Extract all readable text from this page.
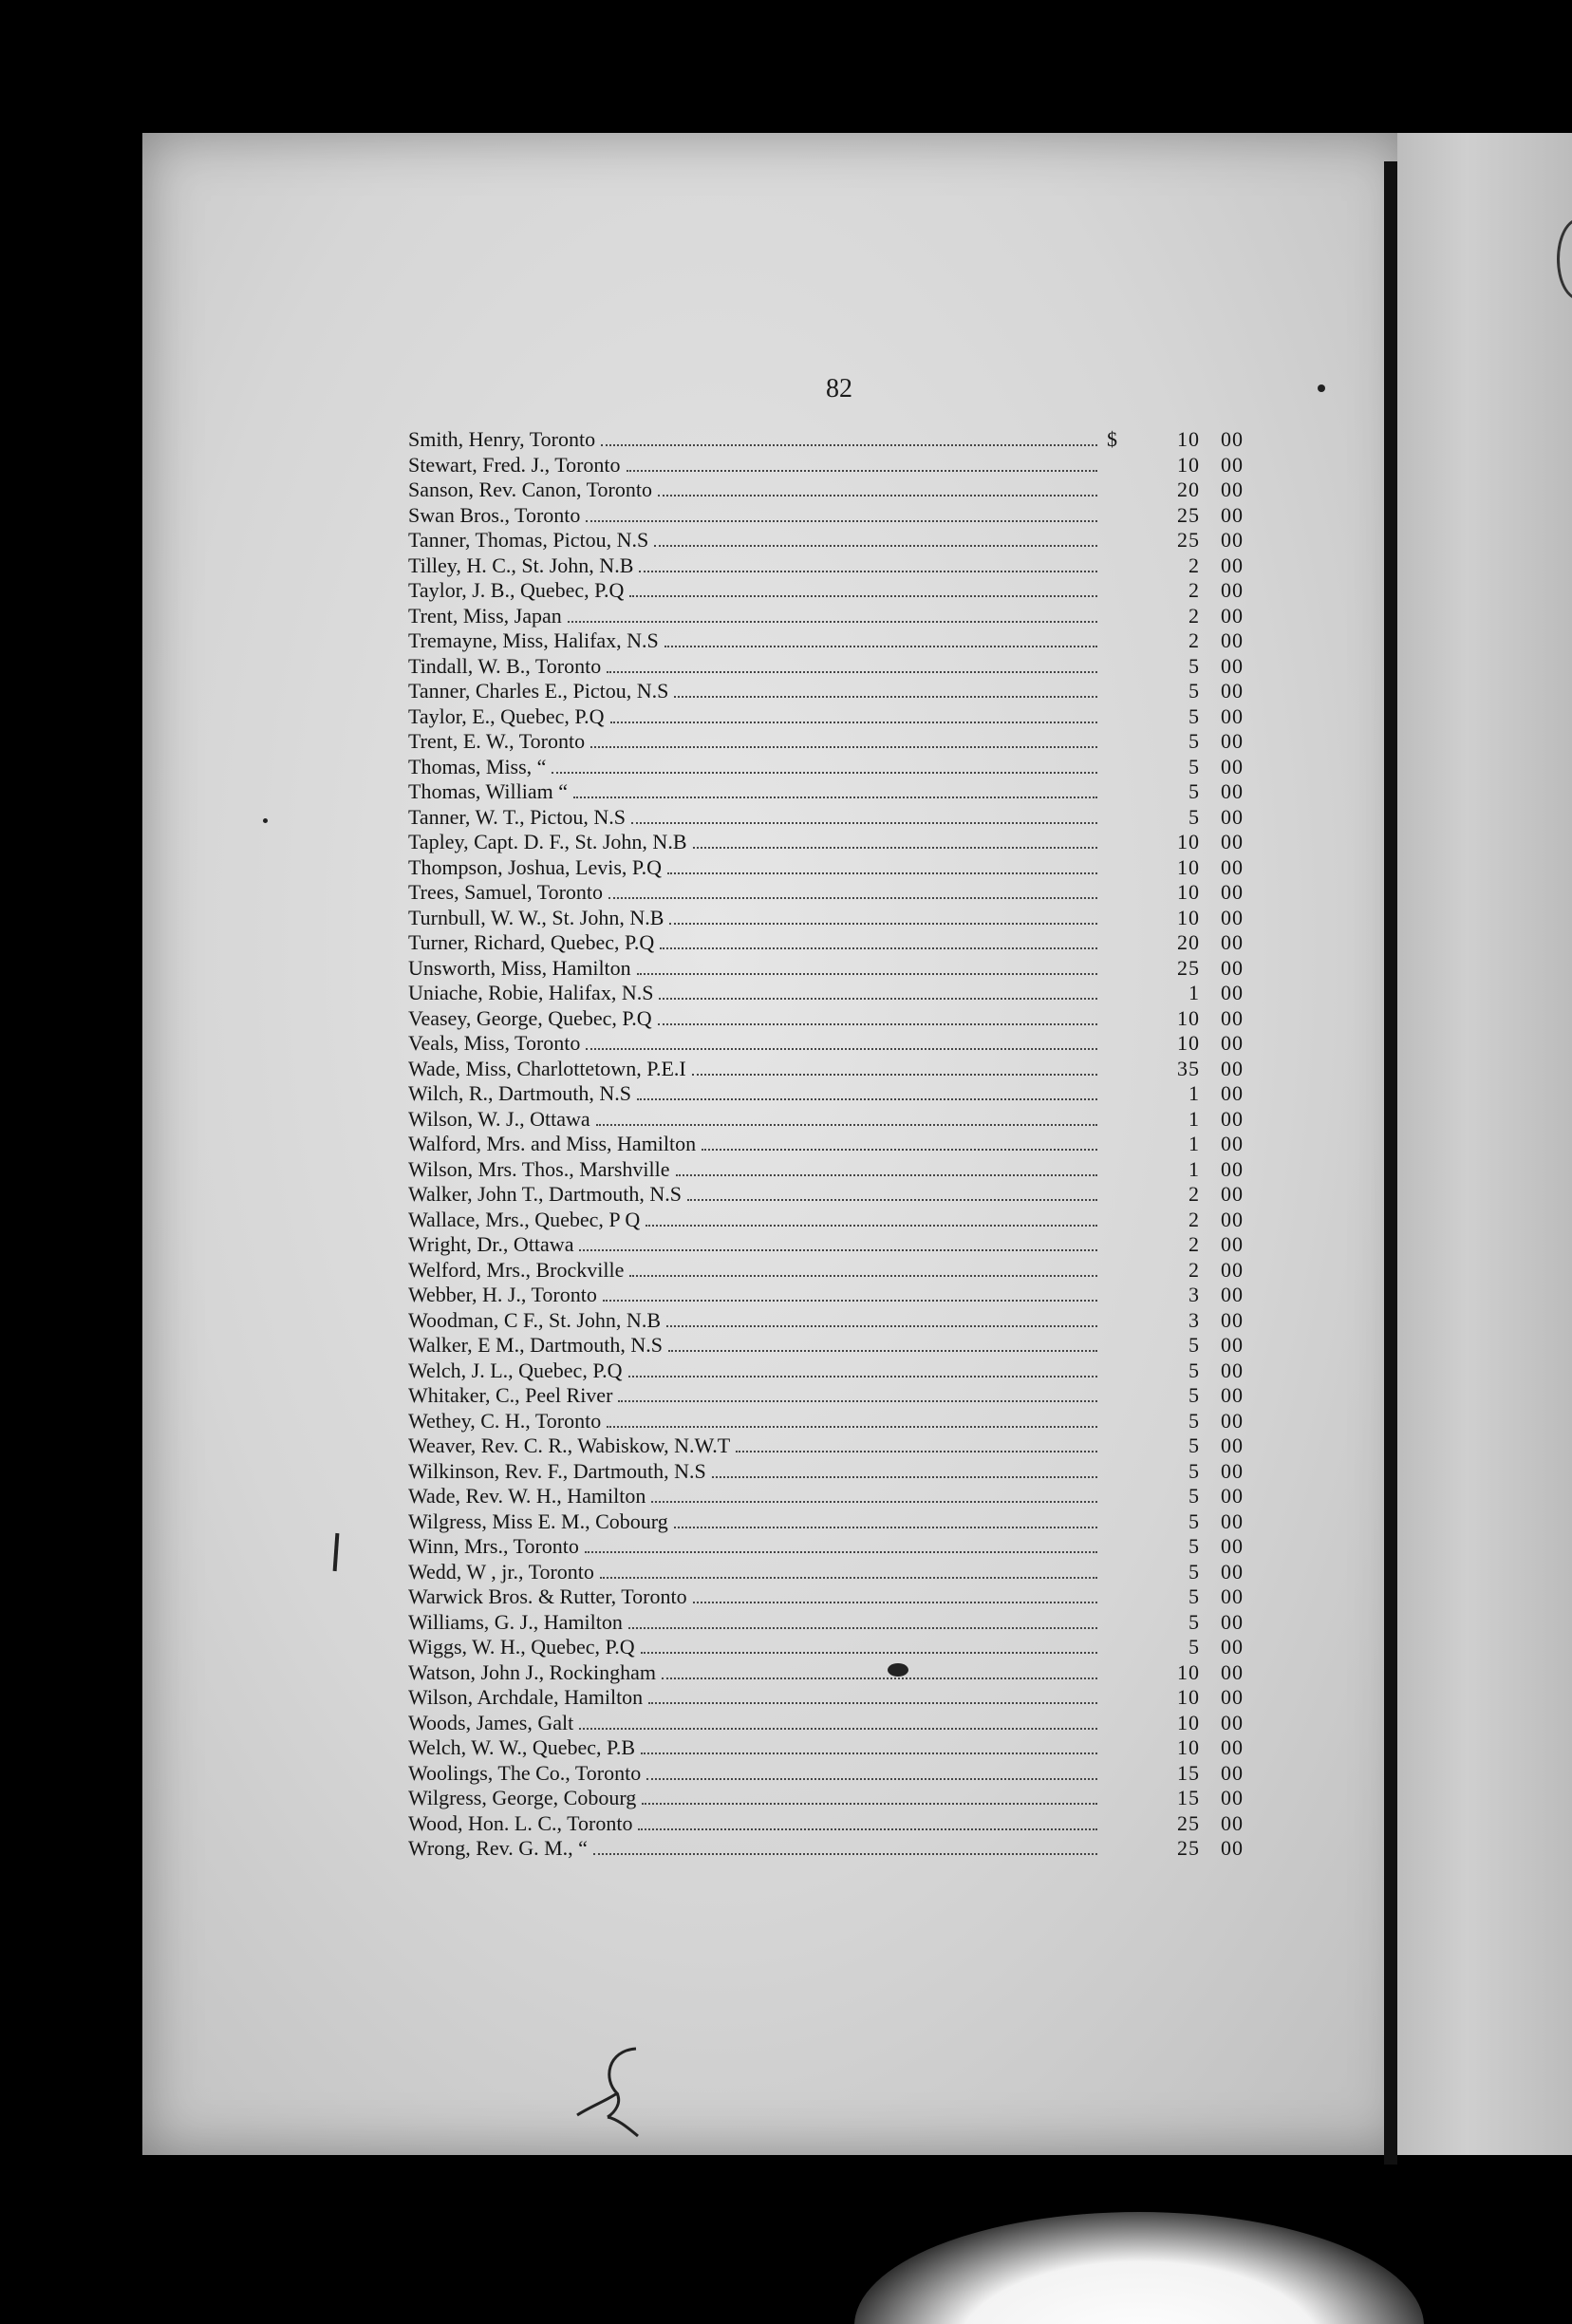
82
Smith, Henry, Toronto	$	10	00
Stewart, Fred. J., Toronto	10	00
Sanson, Rev. Canon, Toronto	20	00
Swan Bros., Toronto	25	00
Tanner, Thomas, Pictou, N.S	25	00
Tilley, H. C., St. John, N.B	2	00
Taylor, J. B., Quebec, P.Q	2	00
Trent, Miss, Japan	2	00
Tremayne, Miss, Halifax, N.S	2	00
Tindall, W. B., Toronto	5	00
Tanner, Charles E., Pictou, N.S	5	00
Taylor, E., Quebec, P.Q	5	00
Trent, E. W., Toronto	5	00
Thomas, Miss, “	5	00
Thomas, William “	5	00
Tanner, W. T., Pictou, N.S	5	00
Tapley, Capt. D. F., St. John, N.B	10	00
Thompson, Joshua, Levis, P.Q	10	00
Trees, Samuel, Toronto	10	00
Turnbull, W. W., St. John, N.B	10	00
Turner, Richard, Quebec, P.Q	20	00
Unsworth, Miss, Hamilton	25	00
Uniache, Robie, Halifax, N.S	1	00
Veasey, George, Quebec, P.Q	10	00
Veals, Miss, Toronto	10	00
Wade, Miss, Charlottetown, P.E.I	35	00
Wilch, R., Dartmouth, N.S	1	00
Wilson, W. J., Ottawa	1	00
Walford, Mrs. and Miss, Hamilton	1	00
Wilson, Mrs. Thos., Marshville	1	00
Walker, John T., Dartmouth, N.S	2	00
Wallace, Mrs., Quebec, P Q	2	00
Wright, Dr., Ottawa	2	00
Welford, Mrs., Brockville	2	00
Webber, H. J., Toronto	3	00
Woodman, C F., St. John, N.B	3	00
Walker, E M., Dartmouth, N.S	5	00
Welch, J. L., Quebec, P.Q	5	00
Whitaker, C., Peel River	5	00
Wethey, C. H., Toronto	5	00
Weaver, Rev. C. R., Wabiskow, N.W.T	5	00
Wilkinson, Rev. F., Dartmouth, N.S	5	00
Wade, Rev. W. H., Hamilton	5	00
Wilgress, Miss E. M., Cobourg	5	00
Winn, Mrs., Toronto	5	00
Wedd, W , jr., Toronto	5	00
Warwick Bros. & Rutter, Toronto	5	00
Williams, G. J., Hamilton	5	00
Wiggs, W. H., Quebec, P.Q	5	00
Watson, John J., Rockingham	10	00
Wilson, Archdale, Hamilton	10	00
Woods, James, Galt	10	00
Welch, W. W., Quebec, P.B	10	00
Woolings, The Co., Toronto	15	00
Wilgress, George, Cobourg	15	00
Wood, Hon. L. C., Toronto	25	00
Wrong, Rev. G. M., “	25	00
